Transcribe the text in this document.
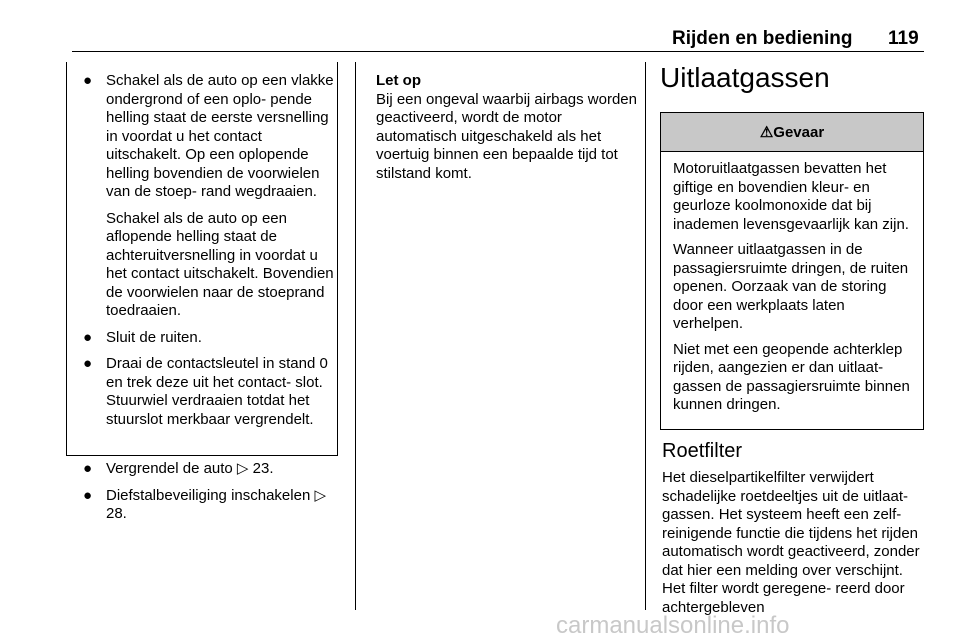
Rijden en bediening 119
● Schakel als de auto op een vlakke ondergrond of een oplo- pende helling staat de eerste versnelling in voordat u het contact uitschakelt. Op een oplopende helling bovendien de voorwielen van de stoep- rand wegdraaien.
Schakel als de auto op een aflopende helling staat de achteruitversnelling in voordat u het contact uitschakelt. Bovendien de voorwielen naar de stoeprand toedraaien.
● Sluit de ruiten.
● Draai de contactsleutel in stand 0 en trek deze uit het contact- slot. Stuurwiel verdraaien totdat het stuurslot merkbaar vergrendelt.
● Vergrendel de auto ▷ 23.
● Diefstalbeveiliging inschakelen ▷ 28.
Let op
Bij een ongeval waarbij airbags worden geactiveerd, wordt de motor automatisch uitgeschakeld als het voertuig binnen een bepaalde tijd tot stilstand komt.
Uitlaatgassen
⚠ Gevaar

Motoruitlaatgassen bevatten het giftige en bovendien kleur- en geurloze koolmonoxide dat bij inademen levensgevaarlijk kan zijn.

Wanneer uitlaatgassen in de passagiersruimte dringen, de ruiten openen. Oorzaak van de storing door een werkplaats laten verhelpen.

Niet met een geopende achterklep rijden, aangezien er dan uitlaat- gassen de passagiersruimte binnen kunnen dringen.

Roetfilter
Het dieselpartikelfilter verwijdert schadelijke roetdeeltjes uit de uitlaat- gassen. Het systeem heeft een zelf- reinigende functie die tijdens het rijden automatisch wordt geactiveerd, zonder dat hier een melding over verschijnt. Het filter wordt geregene- reerd door achtergebleven
carmanualsonline.info
